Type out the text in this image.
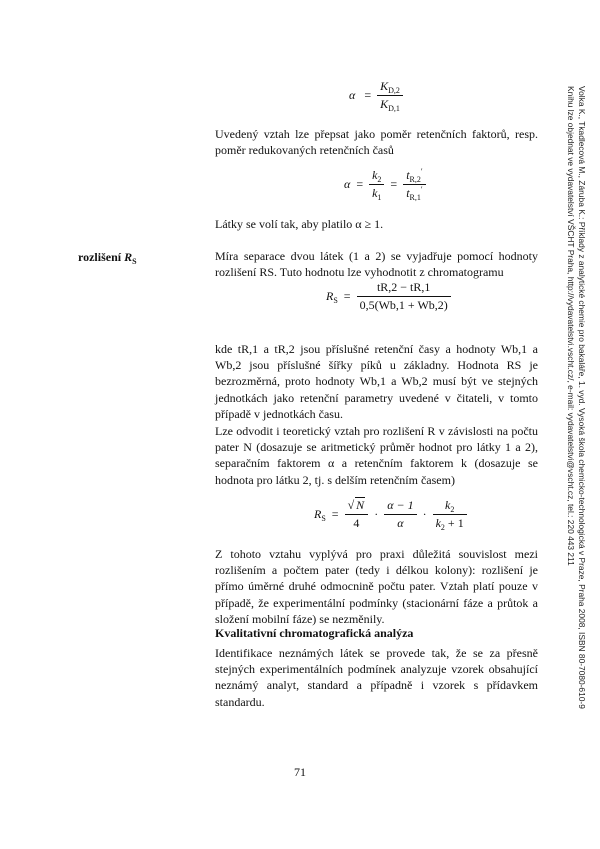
$\alpha = \frac{K_{D,2}}{K_{D,1}}$

Uvedený vztah lze přepsat jako poměr retenčních faktorů, resp. poměr redukovaných retenčních časů

$\alpha = \frac{k_2}{k_1} = \frac{t_{R,2}'}{t_{R,1}'}$

Látky se volí tak, aby platilo α ≥ 1.

rozlišení $R_S$	Míra separace dvou látek (1 a 2) se vyjadřuje pomocí hodnoty rozlišení RS. Tuto hodnotu lze vyhodnotit z chromatogramu

$R_S = \frac{tR,2 - tR,1}{0,5(Wb,1 + Wb,2)}$

kde tR,1 a tR,2 jsou příslušné retenční časy a hodnoty Wb,1 a Wb,2 jsou příslušné šířky píků u základny. Hodnota RS je bezrozměrná, proto hodnoty Wb,1 a Wb,2 musí být ve stejných jednotkách jako retenční parametry uvedené v čitateli, v tomto případě v jednotkách času.

Lze odvodit i teoretický vztah pro rozlišení R v závislosti na počtu pater N (dosazuje se aritmetický průměr hodnot pro látky 1 a 2), separačním faktorem α a retenčním faktorem k (dosazuje se hodnota pro látku 2, tj. s delším retenčním časem)

$R_S = \frac{√ N}{4} \cdot \frac{\alpha - 1}{\alpha} \cdot \frac{k_2}{k_2 + 1}$

Z tohoto vztahu vyplývá pro praxi důležitá souvislost mezi rozlišením a počtem pater (tedy i délkou kolony): rozlišení je přímo úměrné druhé odmocnině počtu pater. Vztah platí pouze v případě, že experimentální podmínky (stacionární fáze a průtok a složení mobilní fáze) se nezměnily.

Kvalitativní chromatografická analýza

Identifikace neznámých látek se provede tak, že se za přesně stejných experimentálních podmínek analyzuje vzorek obsahující neznámý analyt, standard a případně i vzorek s přídavkem standardu.

71
Volka K., Tkadlecová M., Záruba K.: Příklady z analytické chemie pro bakaláře, 1. vyd. Vysoká škola chemicko-technologická v Praze, Praha 2008, ISBN 80-7080-610-9
Knihu lze objednat ve vydavatelství VŠCHT Praha, http://vydavatelstvi.vscht.cz/, e-mail: vydavatelstvi@vscht.cz, tel.: 220 443 211
